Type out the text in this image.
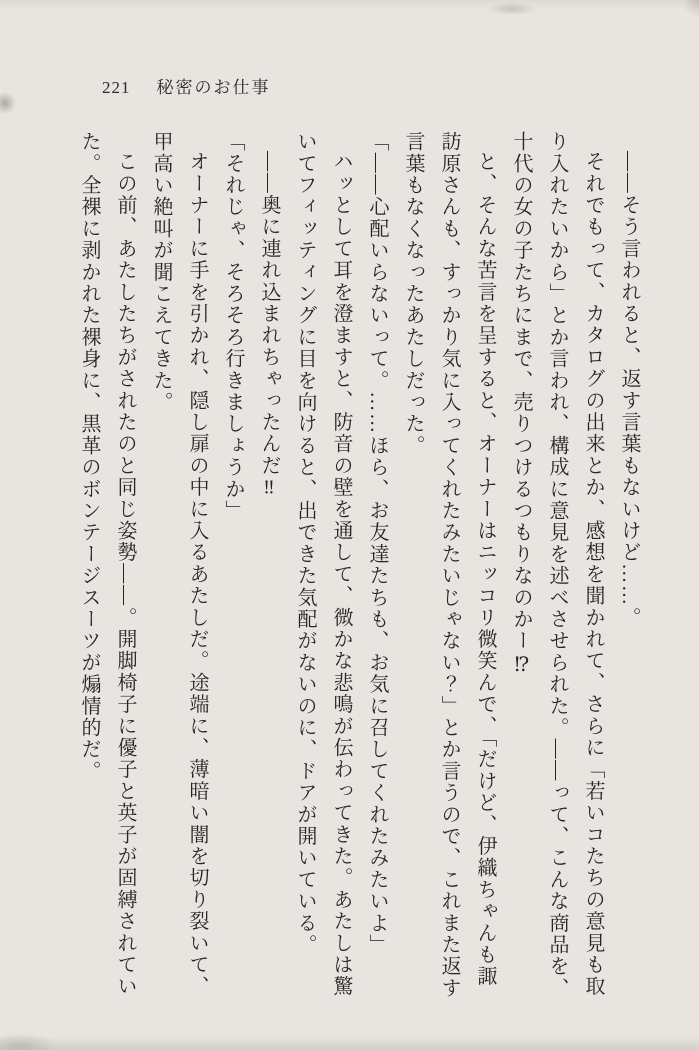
221 秘密のお仕事

――そう言われると、返す言葉もないけど……。

それでもって、カタログの出来とか、感想を聞かれて、さらに「若いコたちの意見も取り入れたいから」とか言われ、構成に意見を述べさせられた。――って、こんな商品を、十代の女の子たちにまで、売りつけるつもりなのかー⁉

と、そんな苦言を呈すると、オーナーはニッコリ微笑んで、「だけど、伊織ちゃんも諏訪原さんも、すっかり気に入ってくれたみたいじゃない？」とか言うので、これまた返す言葉もなくなったあたしだった。

「――心配いらないって。……ほら、お友達たちも、お気に召してくれたみたいよ」

ハッとして耳を澄ますと、防音の壁を通して、微かな悲鳴が伝わってきた。あたしは驚いてフィッティングに目を向けると、出できた気配がないのに、ドアが開いている。

――奥に連れ込まれちゃったんだ‼

「それじゃ、そろそろ行きましょうか」

オーナーに手を引かれ、隠し扉の中に入るあたしだ。途端に、薄暗い闇を切り裂いて、甲高い絶叫が聞こえてきた。

この前、あたしたちがされたのと同じ姿勢――。開脚椅子に優子と英子が固縛されていた。全裸に剥かれた裸身に、黒革のボンテージスーツが煽情的だ。
